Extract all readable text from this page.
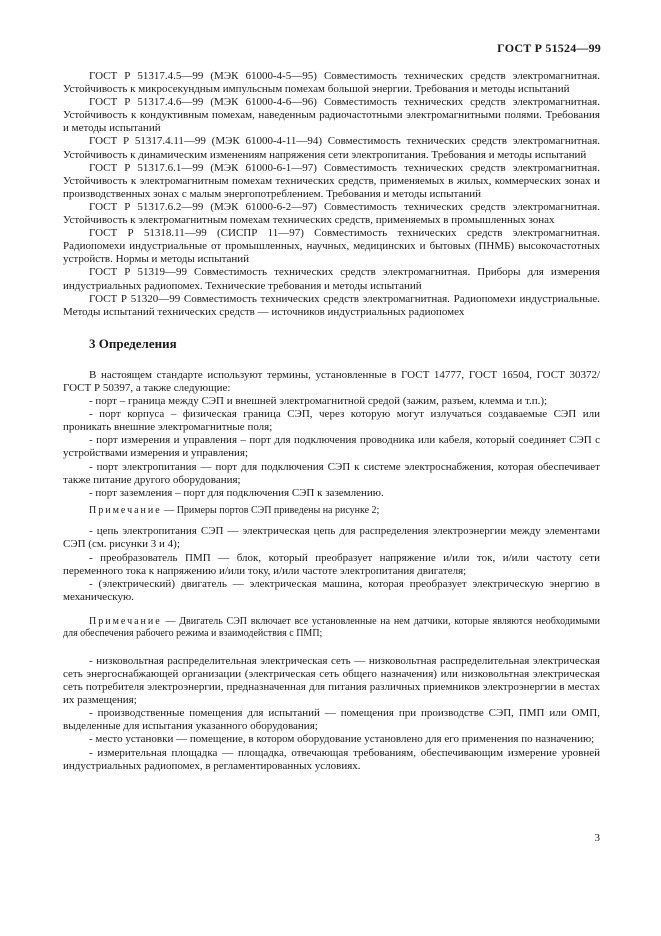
ГОСТ Р 51524—99

ГОСТ Р 51317.4.5—99 (МЭК 61000-4-5—95) Совместимость технических средств электромагнитная. Устойчивость к микросекундным импульсным помехам большой энергии. Требования и методы испытаний

ГОСТ Р 51317.4.6—99 (МЭК 61000-4-6—96) Совместимость технических средств электромагнитная. Устойчивость к кондуктивным помехам, наведенным радиочастотными электромагнитными полями. Требования и методы испытаний

ГОСТ Р 51317.4.11—99 (МЭК 61000-4-11—94) Совместимость технических средств электромагнитная. Устойчивость к динамическим изменениям напряжения сети электропитания. Требования и методы испытаний

ГОСТ Р 51317.6.1—99 (МЭК 61000-6-1—97) Совместимость технических средств электромагнитная. Устойчивость к электромагнитным помехам технических средств, применяемых в жилых, коммерческих зонах и производственных зонах с малым энергопотреблением. Требования и методы испытаний

ГОСТ Р 51317.6.2—99 (МЭК 61000-6-2—97) Совместимость технических средств электромагнитная. Устойчивость к электромагнитным помехам технических средств, применяемых в промышленных зонах

ГОСТ Р 51318.11—99 (СИСПР 11—97) Совместимость технических средств электромагнитная. Радиопомехи индустриальные от промышленных, научных, медицинских и бытовых (ПНМБ) высокочастотных устройств. Нормы и методы испытаний

ГОСТ Р 51319—99 Совместимость технических средств электромагнитная. Приборы для измерения индустриальных радиопомех. Технические требования и методы испытаний

ГОСТ Р 51320—99 Совместимость технических средств электромагнитная. Радиопомехи индустриальные. Методы испытаний технических средств — источников индустриальных радиопомех

3 Определения

В настоящем стандарте используют термины, установленные в ГОСТ 14777, ГОСТ 16504, ГОСТ 30372/ГОСТ Р 50397, а также следующие:

- порт – граница между СЭП и внешней электромагнитной средой (зажим, разъем, клемма и т.п.);

- порт корпуса – физическая граница СЭП, через которую могут излучаться создаваемые СЭП или проникать внешние электромагнитные поля;

- порт измерения и управления – порт для подключения проводника или кабеля, который соединяет СЭП с устройствами измерения и управления;

- порт электропитания — порт для подключения СЭП к системе электроснабжения, которая обеспечивает также питание другого оборудования;

- порт заземления – порт для подключения СЭП к заземлению.

Примечание — Примеры портов СЭП приведены на рисунке 2;

- цепь электропитания СЭП — электрическая цепь для распределения электроэнергии между элементами СЭП (см. рисунки 3 и 4);

- преобразователь ПМП — блок, который преобразует напряжение и/или ток, и/или частоту сети переменного тока к напряжению и/или току, и/или частоте электропитания двигателя;

- (электрический) двигатель — электрическая машина, которая преобразует электрическую энергию в механическую.

Примечание — Двигатель СЭП включает все установленные на нем датчики, которые являются необходимыми для обеспечения рабочего режима и взаимодействия с ПМП;

- низковольтная распределительная электрическая сеть — низковольтная распределительная электрическая сеть энергоснабжающей организации (электрическая сеть общего назначения) или низковольтная электрическая сеть потребителя электроэнергии, предназначенная для питания различных приемников электроэнергии в местах их размещения;

- производственные помещения для испытаний — помещения при производстве СЭП, ПМП или ОМП, выделенные для испытания указанного оборудования;

- место установки — помещение, в котором оборудование установлено для его применения по назначению;

- измерительная площадка — площадка, отвечающая требованиям, обеспечивающим измерение уровней индустриальных радиопомех, в регламентированных условиях.

3
